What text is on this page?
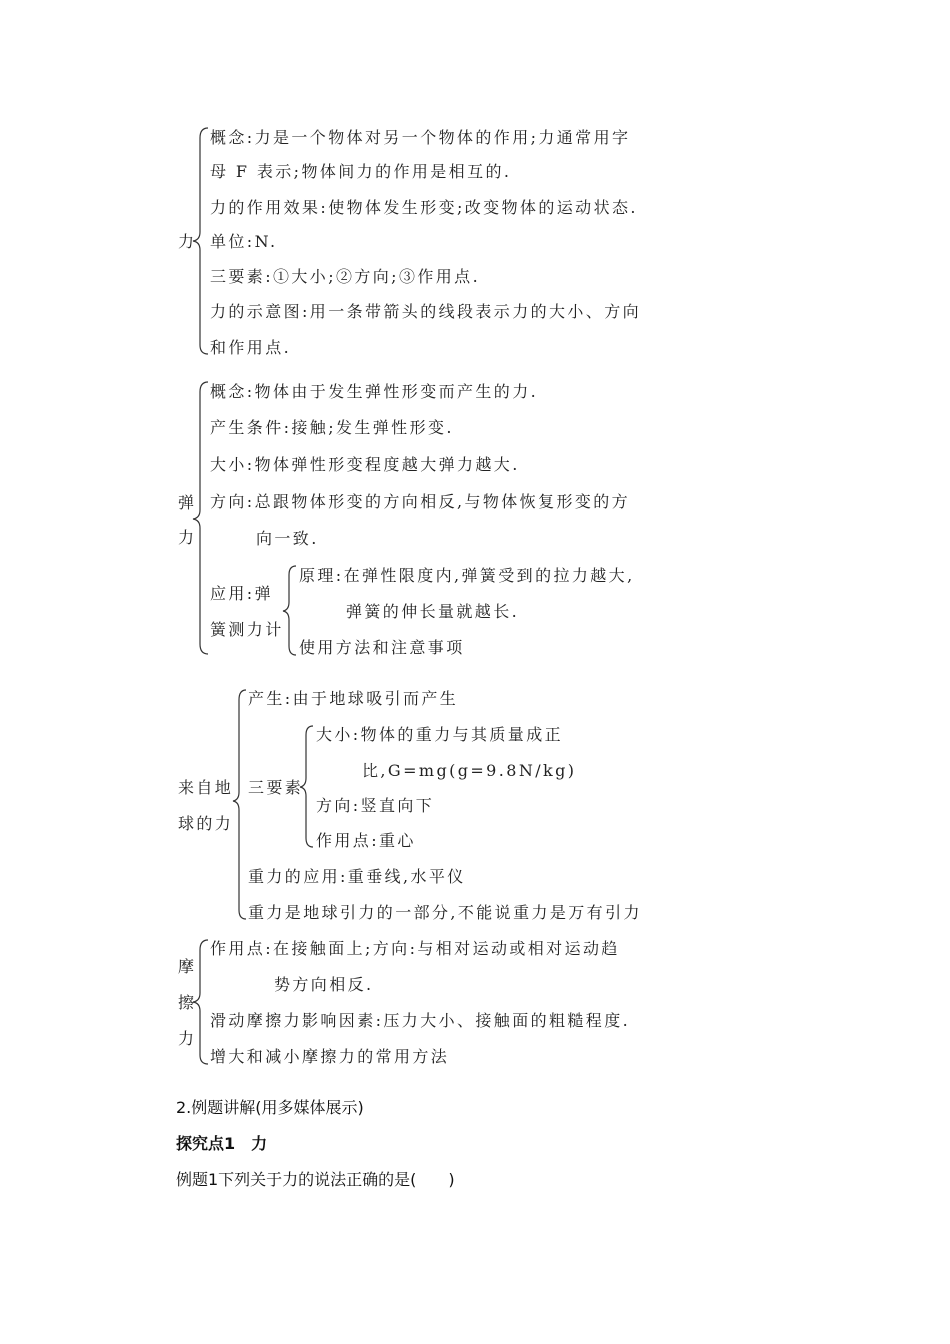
力
概念:力是一个物体对另一个物体的作用;力通常用字
母 F 表示;物体间力的作用是相互的.
力的作用效果:使物体发生形变;改变物体的运动状态.
单位:N.
三要素:①大小;②方向;③作用点.
力的示意图:用一条带箭头的线段表示力的大小、方向
和作用点.
弹
力
概念:物体由于发生弹性形变而产生的力.
产生条件:接触;发生弹性形变.
大小:物体弹性形变程度越大弹力越大.
方向:总跟物体形变的方向相反,与物体恢复形变的方
向一致.
应用:弹
簧测力计
原理:在弹性限度内,弹簧受到的拉力越大,
弹簧的伸长量就越长.
使用方法和注意事项
来自地
球的力
产生:由于地球吸引而产生
三要素
大小:物体的重力与其质量成正
比,G=mg(g=9.8N/kg)
方向:竖直向下
作用点:重心
重力的应用:重垂线,水平仪
重力是地球引力的一部分,不能说重力是万有引力
摩
擦
力
作用点:在接触面上;方向:与相对运动或相对运动趋
势方向相反.
滑动摩擦力影响因素:压力大小、接触面的粗糙程度.
增大和减小摩擦力的常用方法
2.例题讲解(用多媒体展示)
探究点1　力
例题1下列关于力的说法正确的是(　　)
